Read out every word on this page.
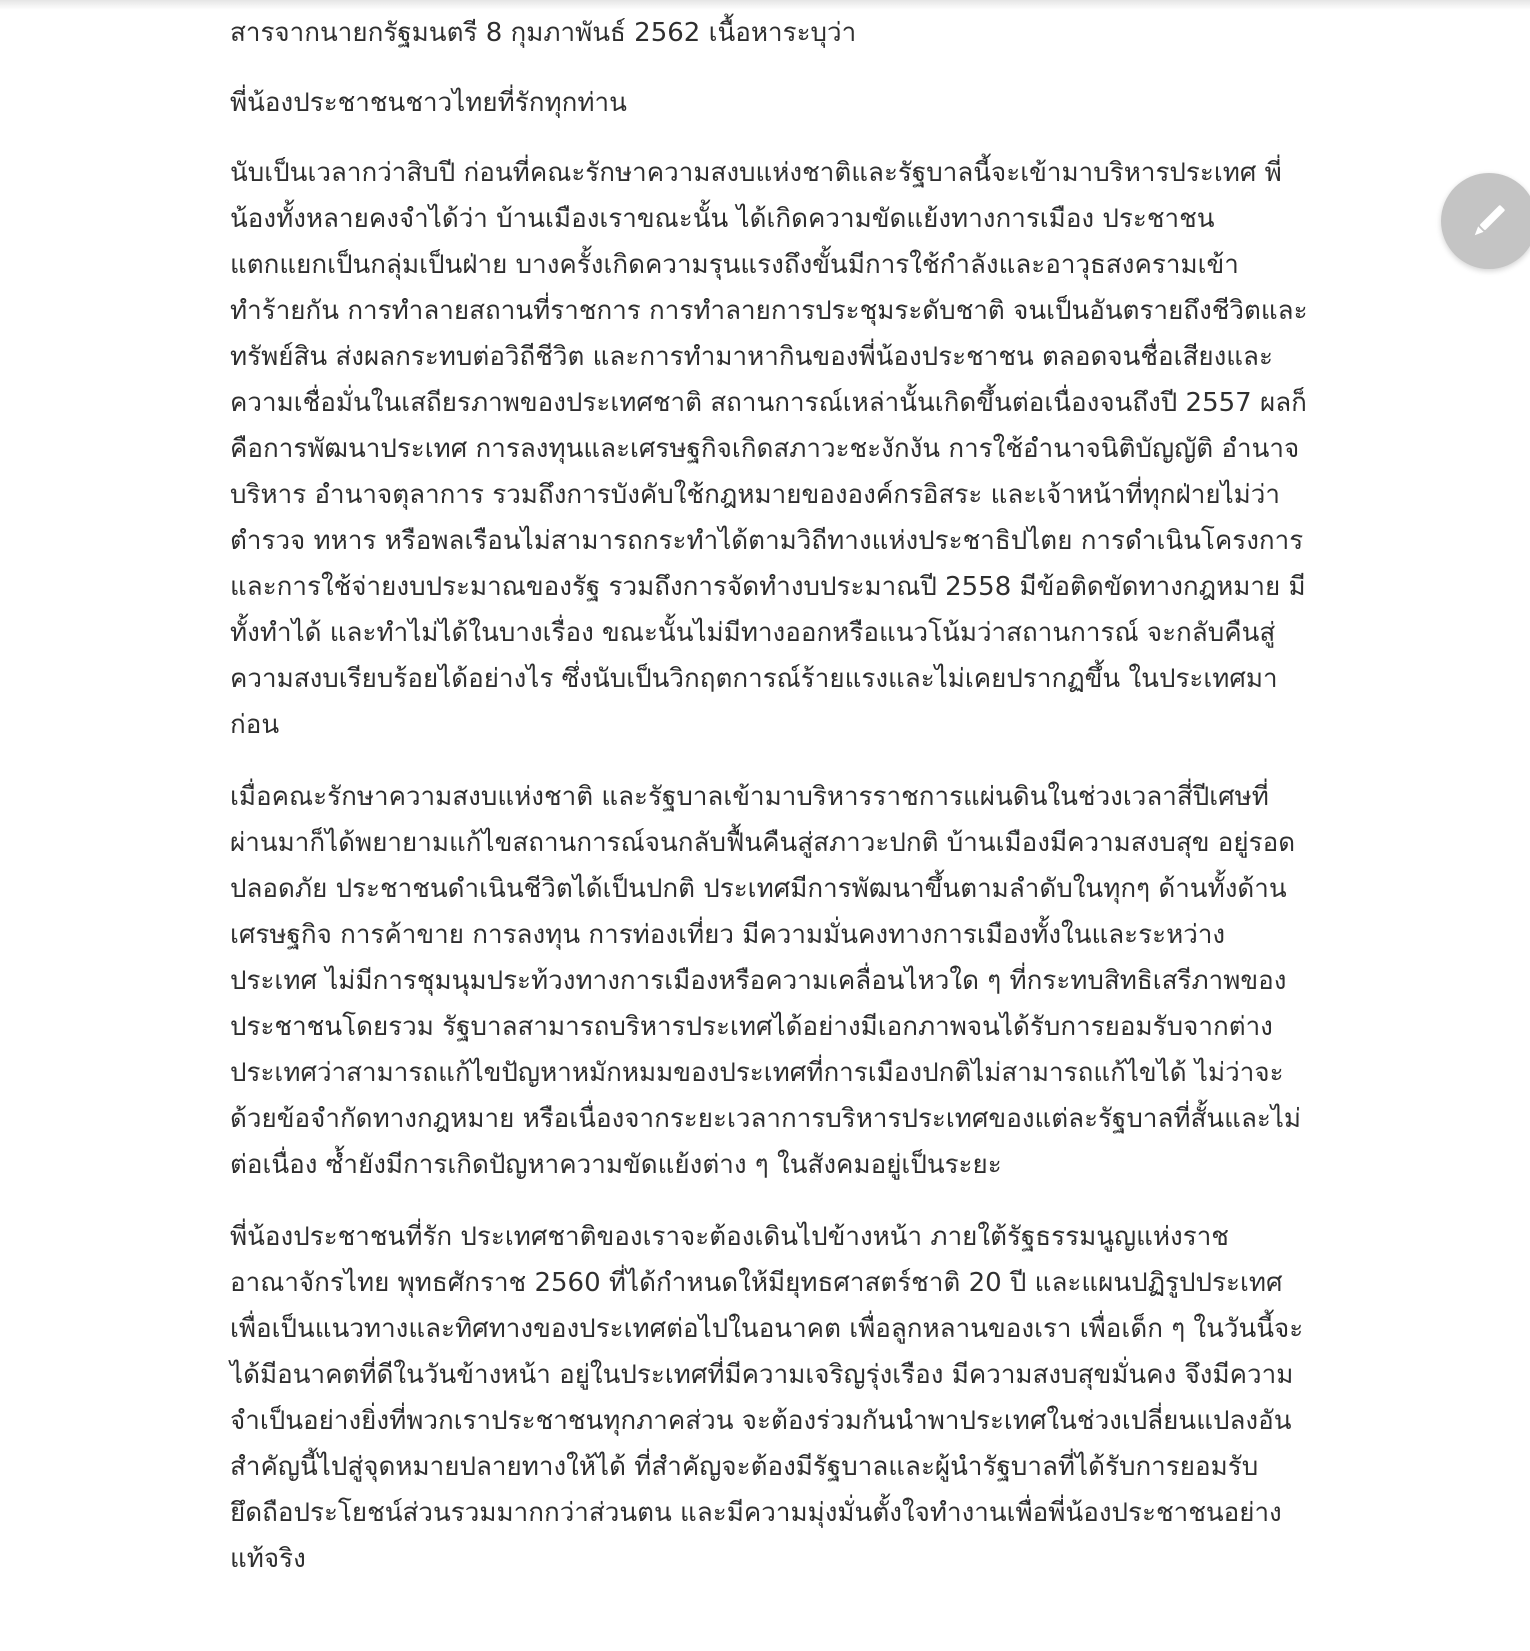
สารจากนายกรัฐมนตรี 8 กุมภาพันธ์ 2562 เนื้อหาระบุว่า

พี่น้องประชาชนชาวไทยที่รักทุกท่าน

นับเป็นเวลากว่าสิบปี ก่อนที่คณะรักษาความสงบแห่งชาติและรัฐบาลนี้จะเข้ามาบริหารประเทศ พี่น้องทั้งหลายคงจำได้ว่า บ้านเมืองเราขณะนั้น ได้เกิดความขัดแย้งทางการเมือง ประชาชนแตกแยกเป็นกลุ่มเป็นฝ่าย บางครั้งเกิดความรุนแรงถึงขั้นมีการใช้กำลังและอาวุธสงครามเข้าทำร้ายกัน การทำลายสถานที่ราชการ การทำลายการประชุมระดับชาติ จนเป็นอันตรายถึงชีวิตและทรัพย์สิน ส่งผลกระทบต่อวิถีชีวิต และการทำมาหากินของพี่น้องประชาชน ตลอดจนชื่อเสียงและความเชื่อมั่นในเสถียรภาพของประเทศชาติ สถานการณ์เหล่านั้นเกิดขึ้นต่อเนื่องจนถึงปี 2557 ผลก็คือการพัฒนาประเทศ การลงทุนและเศรษฐกิจเกิดสภาวะชะงักงัน การใช้อำนาจนิติบัญญัติ อำนาจบริหาร อำนาจตุลาการ รวมถึงการบังคับใช้กฎหมายขององค์กรอิสระ และเจ้าหน้าที่ทุกฝ่ายไม่ว่าตำรวจ ทหาร หรือพลเรือนไม่สามารถกระทำได้ตามวิถีทางแห่งประชาธิปไตย การดำเนินโครงการและการใช้จ่ายงบประมาณของรัฐ รวมถึงการจัดทำงบประมาณปี 2558 มีข้อติดขัดทางกฎหมาย มีทั้งทำได้ และทำไม่ได้ในบางเรื่อง ขณะนั้นไม่มีทางออกหรือแนวโน้มว่าสถานการณ์ จะกลับคืนสู่ความสงบเรียบร้อยได้อย่างไร ซึ่งนับเป็นวิกฤตการณ์ร้ายแรงและไม่เคยปรากฏขึ้น ในประเทศมาก่อน

เมื่อคณะรักษาความสงบแห่งชาติ และรัฐบาลเข้ามาบริหารราชการแผ่นดินในช่วงเวลาสี่ปีเศษที่ผ่านมาก็ได้พยายามแก้ไขสถานการณ์จนกลับฟื้นคืนสู่สภาวะปกติ บ้านเมืองมีความสงบสุข อยู่รอดปลอดภัย ประชาชนดำเนินชีวิตได้เป็นปกติ ประเทศมีการพัฒนาขึ้นตามลำดับในทุกๆ ด้านทั้งด้านเศรษฐกิจ การค้าขาย การลงทุน การท่องเที่ยว มีความมั่นคงทางการเมืองทั้งในและระหว่างประเทศ ไม่มีการชุมนุมประท้วงทางการเมืองหรือความเคลื่อนไหวใด ๆ ที่กระทบสิทธิเสรีภาพของประชาชนโดยรวม รัฐบาลสามารถบริหารประเทศได้อย่างมีเอกภาพจนได้รับการยอมรับจากต่างประเทศว่าสามารถแก้ไขปัญหาหมักหมมของประเทศที่การเมืองปกติไม่สามารถแก้ไขได้ ไม่ว่าจะด้วยข้อจำกัดทางกฎหมาย หรือเนื่องจากระยะเวลาการบริหารประเทศของแต่ละรัฐบาลที่สั้นและไม่ต่อเนื่อง ซ้ำยังมีการเกิดปัญหาความขัดแย้งต่าง ๆ ในสังคมอยู่เป็นระยะ

พี่น้องประชาชนที่รัก ประเทศชาติของเราจะต้องเดินไปข้างหน้า ภายใต้รัฐธรรมนูญแห่งราชอาณาจักรไทย พุทธศักราช 2560 ที่ได้กำหนดให้มียุทธศาสตร์ชาติ 20 ปี และแผนปฏิรูปประเทศ เพื่อเป็นแนวทางและทิศทางของประเทศต่อไปในอนาคต เพื่อลูกหลานของเรา เพื่อเด็ก ๆ ในวันนี้จะได้มีอนาคตที่ดีในวันข้างหน้า อยู่ในประเทศที่มีความเจริญรุ่งเรือง มีความสงบสุขมั่นคง จึงมีความจำเป็นอย่างยิ่งที่พวกเราประชาชนทุกภาคส่วน จะต้องร่วมกันนำพาประเทศในช่วงเปลี่ยนแปลงอันสำคัญนี้ไปสู่จุดหมายปลายทางให้ได้ ที่สำคัญจะต้องมีรัฐบาลและผู้นำรัฐบาลที่ได้รับการยอมรับ ยึดถือประโยชน์ส่วนรวมมากกว่าส่วนตน และมีความมุ่งมั่นตั้งใจทำงานเพื่อพี่น้องประชาชนอย่างแท้จริง
